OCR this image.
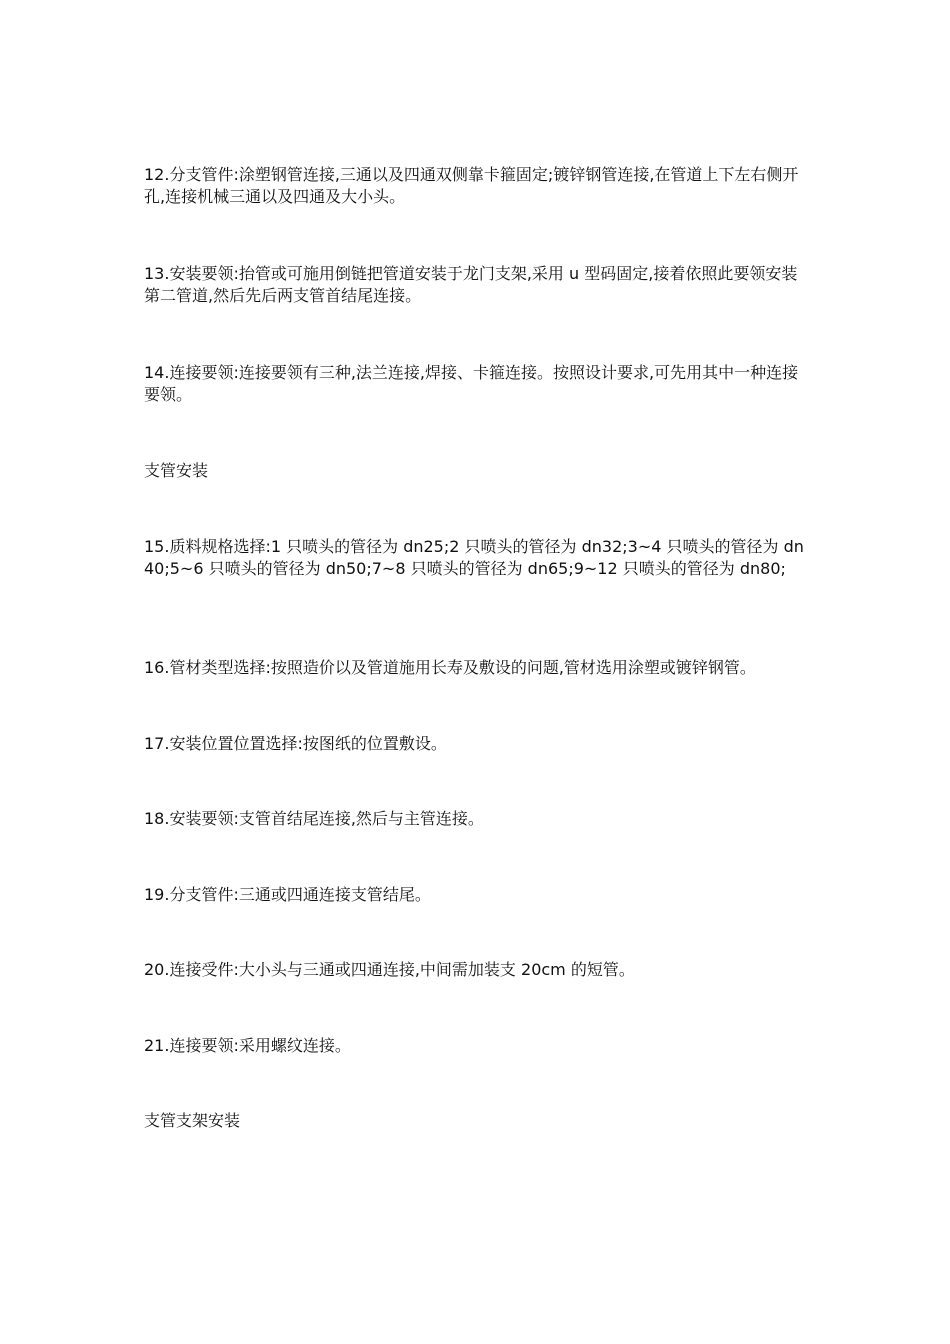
12.分支管件:涂塑钢管连接,三通以及四通双侧靠卡箍固定;镀锌钢管连接,在管道上下左右侧开孔,连接机械三通以及四通及大小头。

13.安装要领:抬管或可施用倒链把管道安装于龙门支架,采用 u 型码固定,接着依照此要领安装第二管道,然后先后两支管首结尾连接。

14.连接要领:连接要领有三种,法兰连接,焊接、卡箍连接。按照设计要求,可先用其中一种连接要领。

支管安装

15.质料规格选择:1 只喷头的管径为 dn25;2 只喷头的管径为 dn32;3~4 只喷头的管径为 dn40;5~6 只喷头的管径为 dn50;7~8 只喷头的管径为 dn65;9~12 只喷头的管径为 dn80;

16.管材类型选择:按照造价以及管道施用长寿及敷设的问题,管材选用涂塑或镀锌钢管。

17.安装位置位置选择:按图纸的位置敷设。

18.安装要领:支管首结尾连接,然后与主管连接。

19.分支管件:三通或四通连接支管结尾。

20.连接受件:大小头与三通或四通连接,中间需加装支 20cm 的短管。

21.连接要领:采用螺纹连接。

支管支架安装
